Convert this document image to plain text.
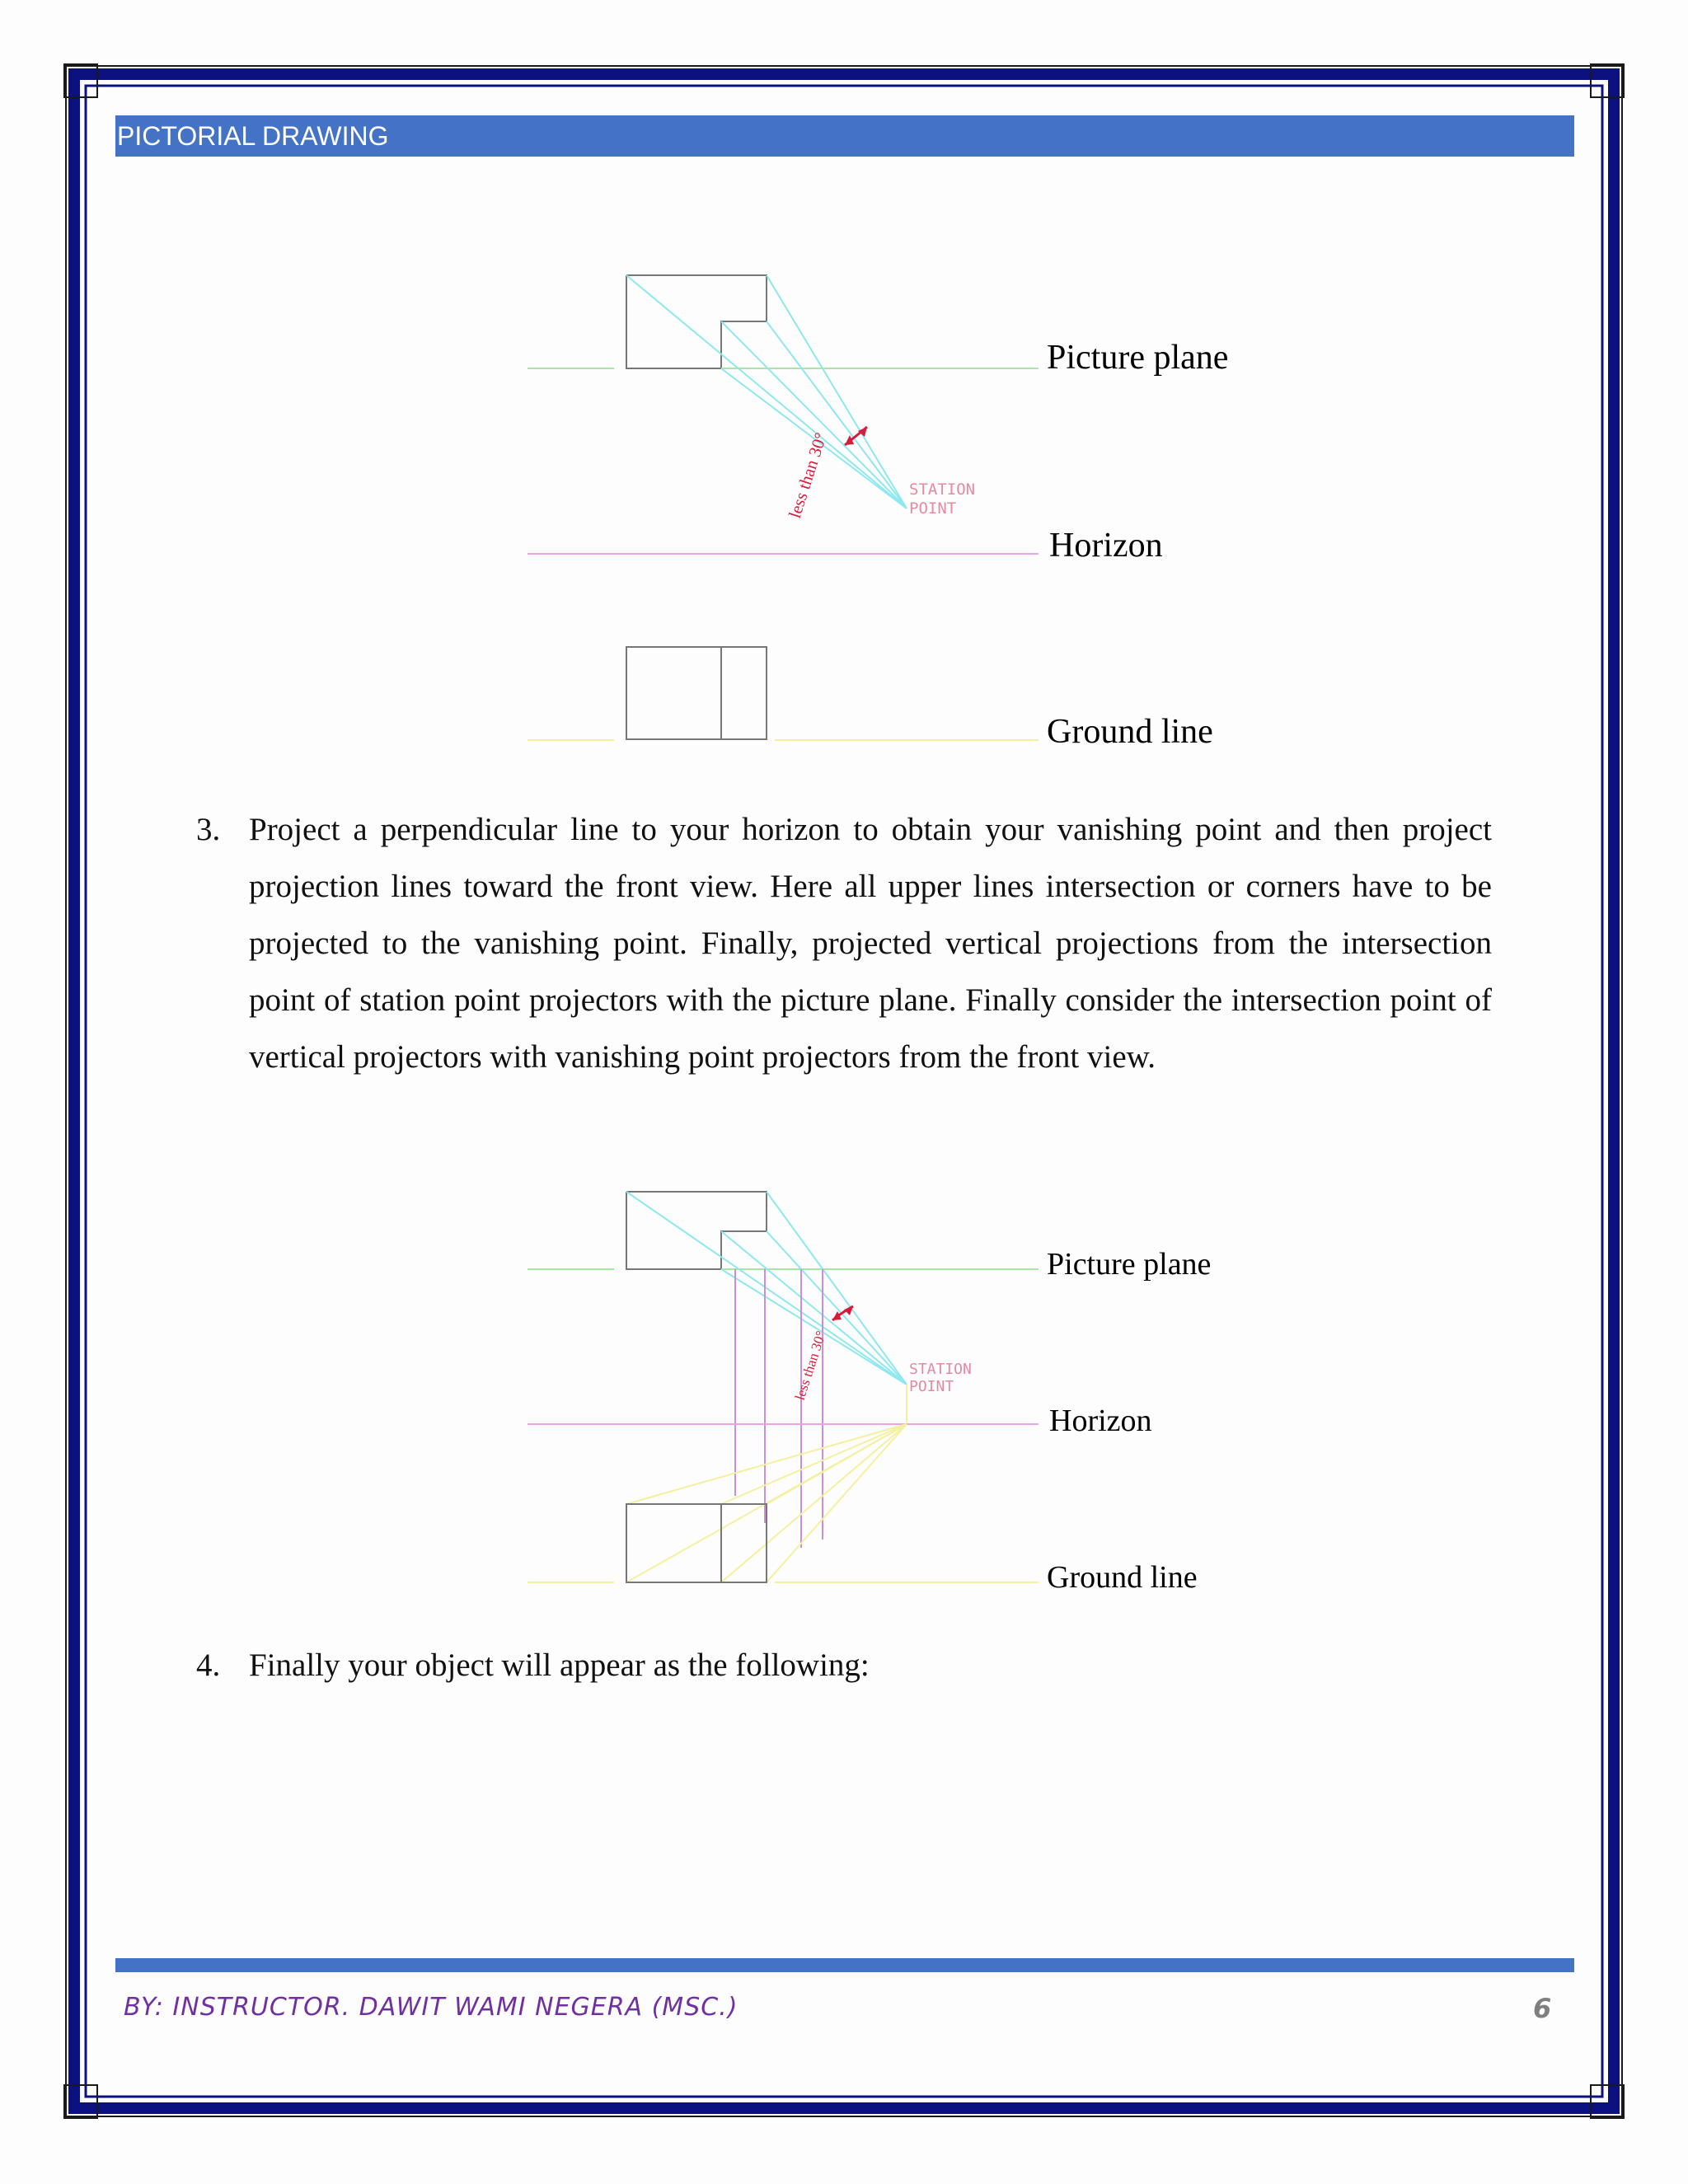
PICTORIAL DRAWING
less than 30°	STATION
POINT
Picture plane
Horizon
Ground line
3. Project a perpendicular line to your horizon to obtain your vanishing point and then project projection lines toward the front view. Here all upper lines intersection or corners have to be projected to the vanishing point. Finally, projected vertical projections from the intersection point of station point projectors with the picture plane. Finally consider the intersection point of vertical projectors with vanishing point projectors from the front view.
less than 30°	STATION
POINT
Picture plane
Horizon
Ground line
4. Finally your object will appear as the following:
BY: INSTRUCTOR. DAWIT WAMI NEGERA (MSC.)	6
